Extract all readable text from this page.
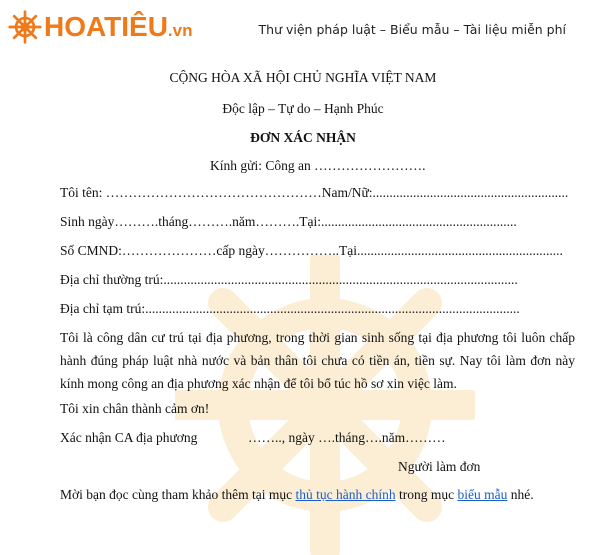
HOATIÊU.vn	Thư viện pháp luật – Biểu mẫu – Tài liệu miễn phí
CỘNG HÒA XÃ HỘI CHỦ NGHĨA VIỆT NAM
Độc lập – Tự do – Hạnh Phúc
ĐƠN XÁC NHẬN
Kính gửi: Công an …………………….
Tôi tên: …………………………………………Nam/Nữ:..........................................................
Sinh ngày……….tháng……….năm……….Tại:..........................................................
Số CMND:…………………cấp ngày……………..Tại.............................................................
Địa chỉ thường trú:.........................................................................................................
Địa chỉ tạm trú:...............................................................................................................
Tôi là công dân cư trú tại địa phương, trong thời gian sinh sống tại địa phương tôi luôn chấp hành đúng pháp luật nhà nước và bản thân tôi chưa có tiền án, tiền sự. Nay tôi làm đơn này kính mong công an địa phương xác nhận để tôi bổ túc hồ sơ xin việc làm.
Tôi xin chân thành cảm ơn!
Xác nhận CA địa phương	…….., ngày ….tháng….năm………
Người làm đơn
Mời bạn đọc cùng tham khảo thêm tại mục thủ tục hành chính trong mục biểu mẫu nhé.
